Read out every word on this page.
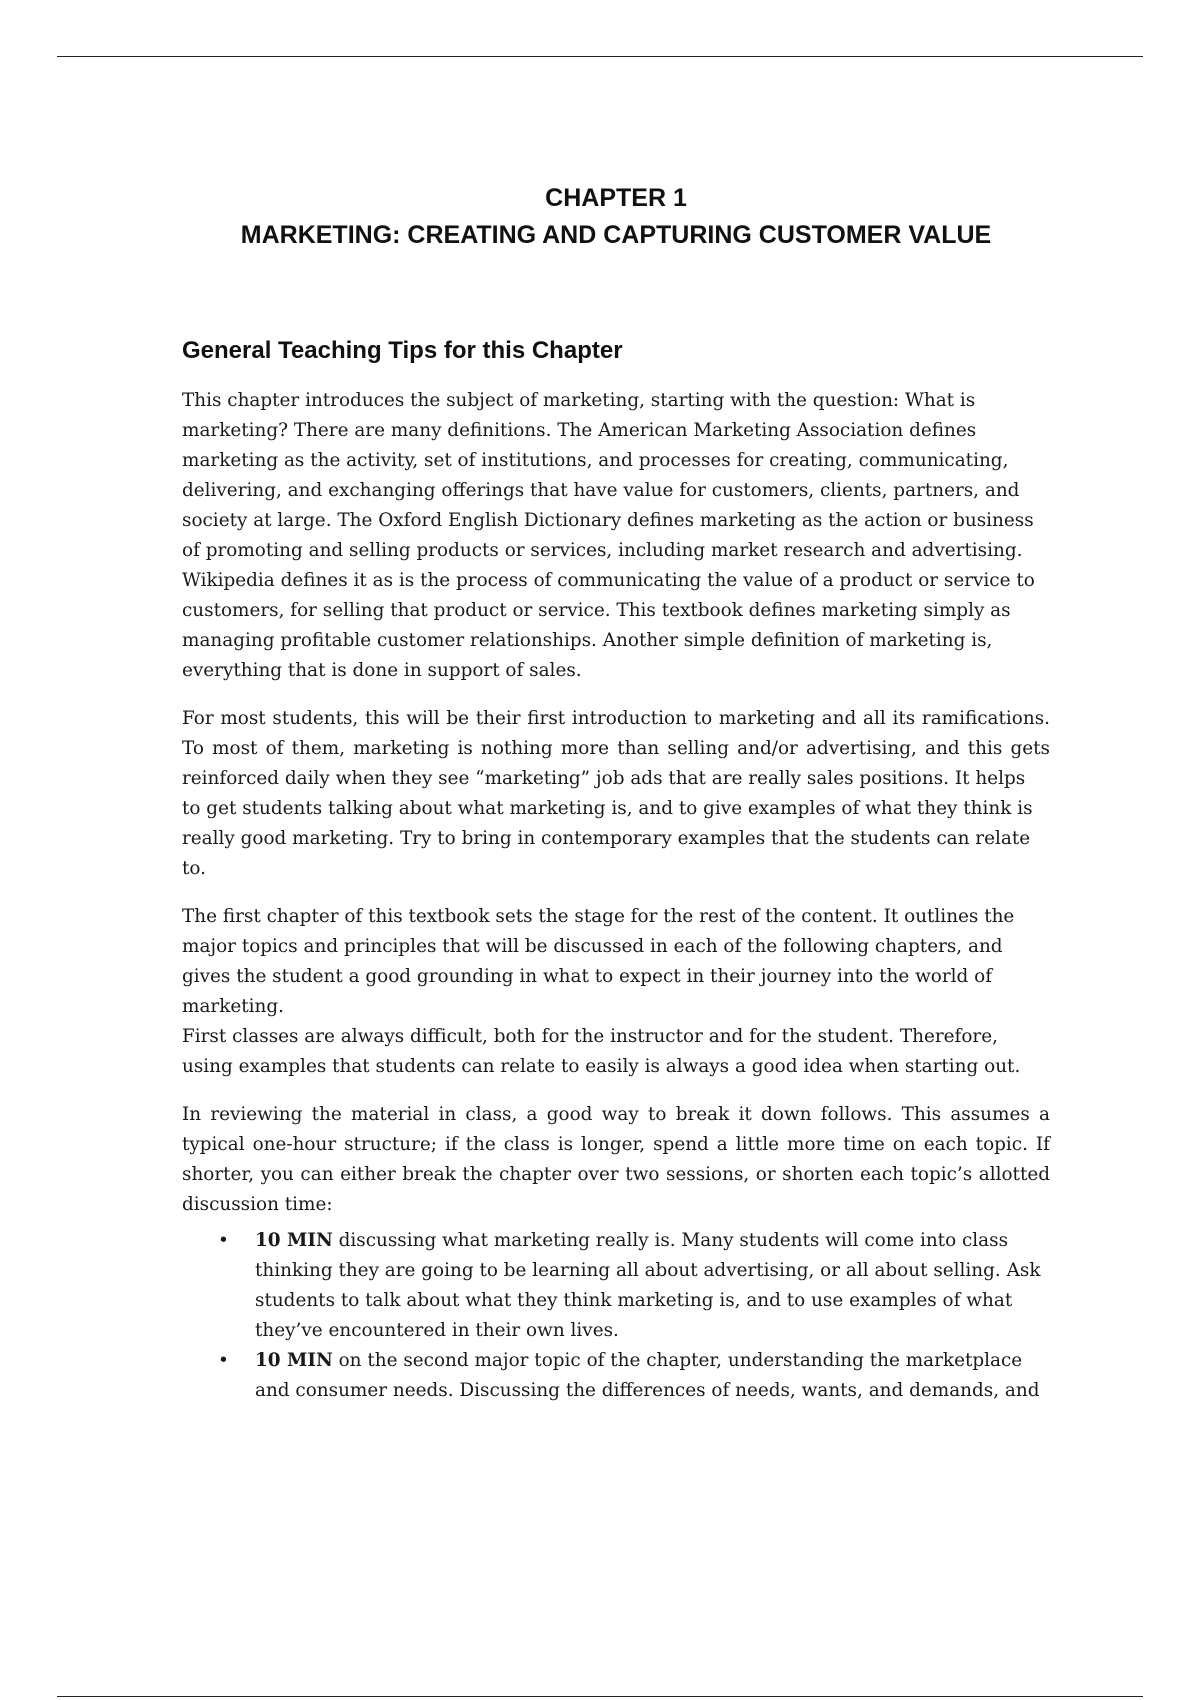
CHAPTER 1
MARKETING: CREATING AND CAPTURING CUSTOMER VALUE
General Teaching Tips for this Chapter

This chapter introduces the subject of marketing, starting with the question: What is marketing? There are many definitions. The American Marketing Association defines marketing as the activity, set of institutions, and processes for creating, communicating, delivering, and exchanging offerings that have value for customers, clients, partners, and society at large. The Oxford English Dictionary defines marketing as the action or business of promoting and selling products or services, including market research and advertising. Wikipedia defines it as is the process of communicating the value of a product or service to customers, for selling that product or service. This textbook defines marketing simply as managing profitable customer relationships. Another simple definition of marketing is, everything that is done in support of sales.

For most students, this will be their first introduction to marketing and all its ramifications. To most of them, marketing is nothing more than selling and/or advertising, and this gets reinforced daily when they see “marketing” job ads that are really sales positions. It helps

to get students talking about what marketing is, and to give examples of what they think is really good marketing. Try to bring in contemporary examples that the students can relate to.

The first chapter of this textbook sets the stage for the rest of the content. It outlines the major topics and principles that will be discussed in each of the following chapters, and gives the student a good grounding in what to expect in their journey into the world of marketing.

First classes are always difficult, both for the instructor and for the student. Therefore, using examples that students can relate to easily is always a good idea when starting out.

In reviewing the material in class, a good way to break it down follows. This assumes a typical one-hour structure; if the class is longer, spend a little more time on each topic. If shorter, you can either break the chapter over two sessions, or shorten each topic’s allotted discussion time:

• 10 MIN discussing what marketing really is. Many students will come into class thinking they are going to be learning all about advertising, or all about selling. Ask students to talk about what they think marketing is, and to use examples of what they’ve encountered in their own lives.
• 10 MIN on the second major topic of the chapter, understanding the marketplace and consumer needs. Discussing the differences of needs, wants, and demands, and
